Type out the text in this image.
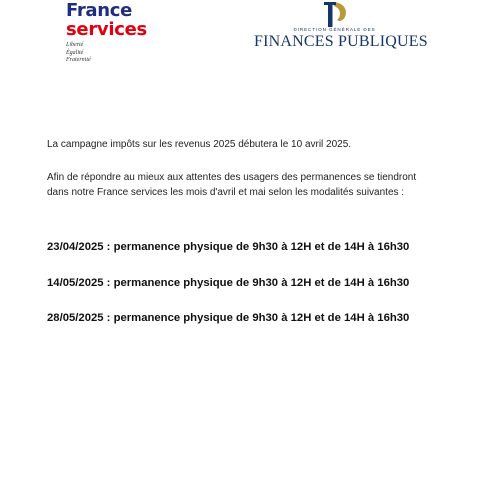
France
services
Liberté
Égalité
Fraternité
DIRECTION GÉNÉRALE DES
FINANCES PUBLIQUES
La campagne impôts sur les revenus 2025 débutera le 10 avril 2025.
Afin de répondre au mieux aux attentes des usagers des permanences se tiendront
dans notre France services les mois d'avril et mai selon les modalités suivantes :
23/04/2025 : permanence physique de 9h30 à 12H et de 14H à 16h30
14/05/2025 : permanence physique de 9h30 à 12H et de 14H à 16h30
28/05/2025 : permanence physique de 9h30 à 12H et de 14H à 16h30
